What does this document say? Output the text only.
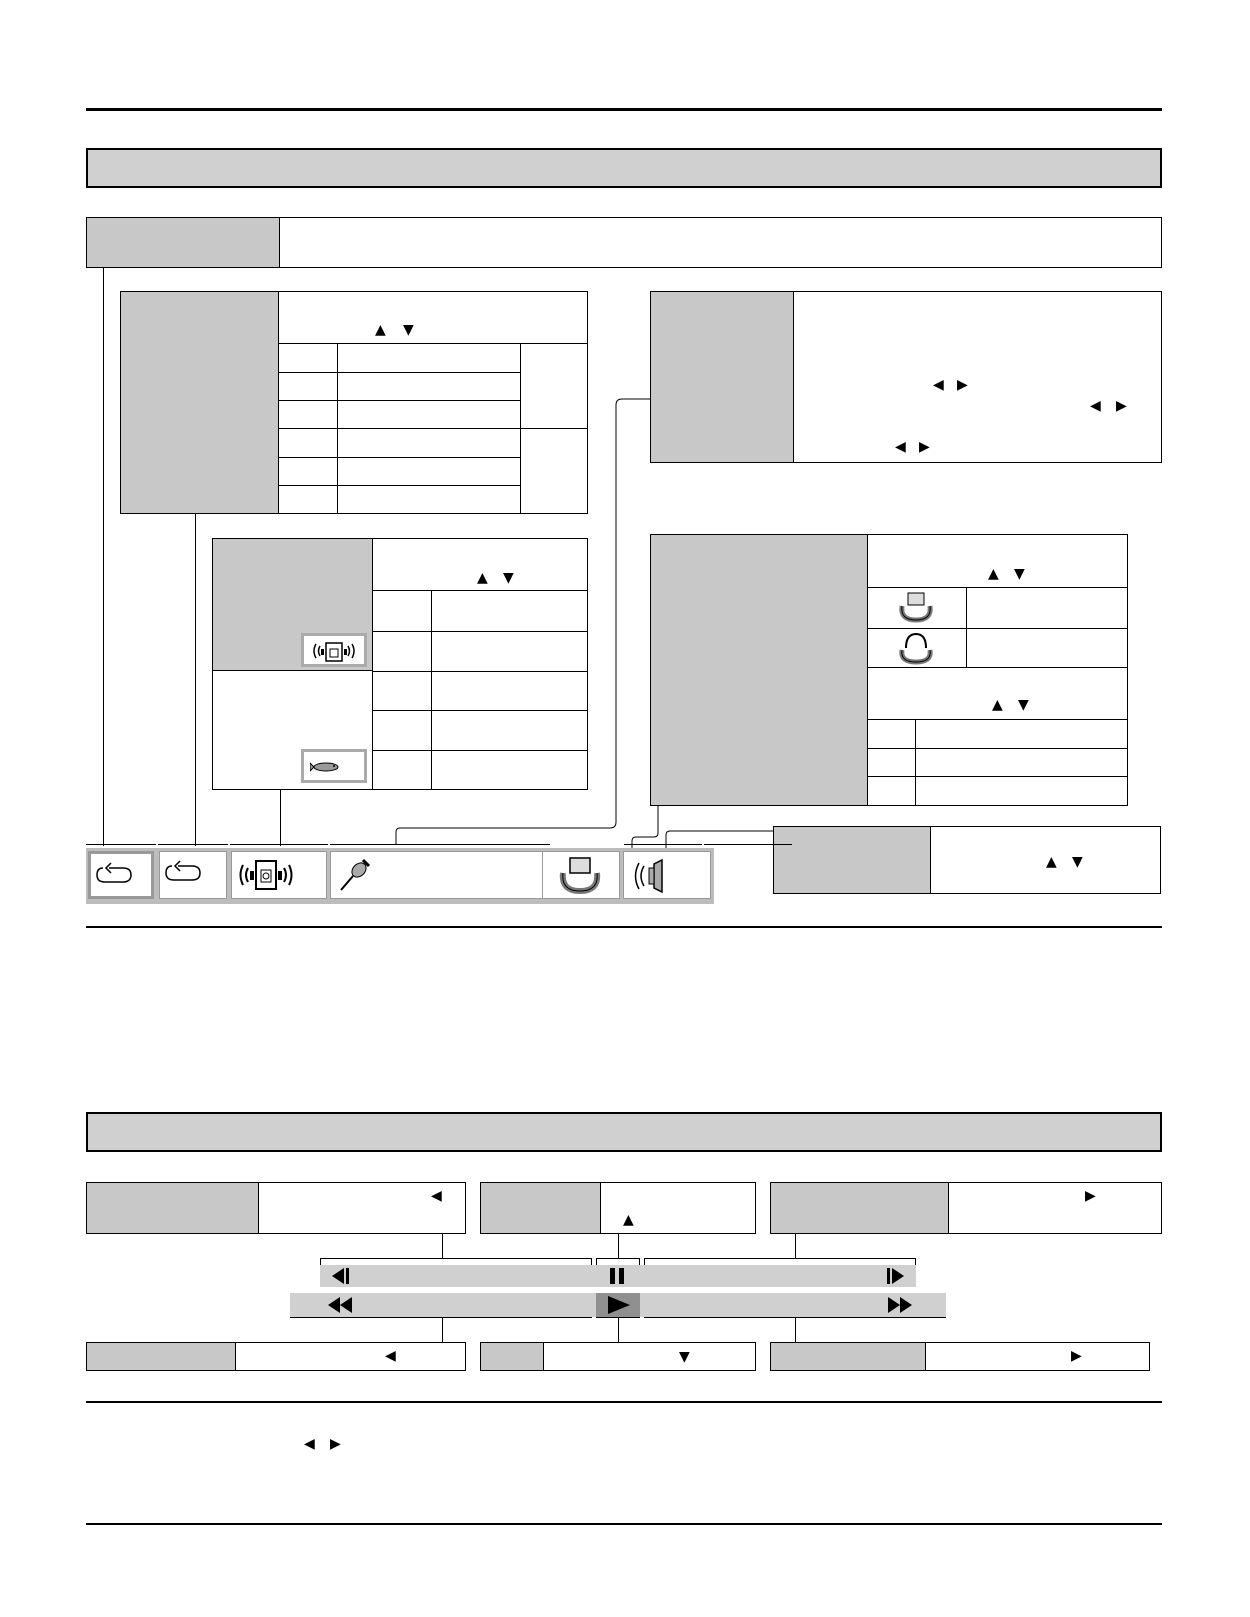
▲ ▼
▲ ▼
◀ ▶
◀ ▶
◀ ▶
▲ ▼
▲ ▼
▲ ▼
◀
▲
▶
◀	▼	▶
◀ ▶
